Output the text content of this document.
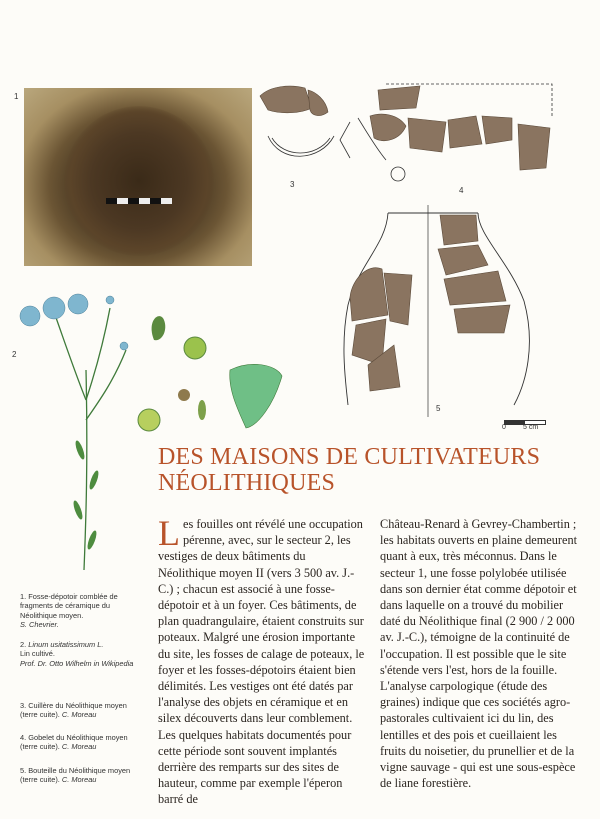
1
3
4
5
0 5 cm
2
DES MAISONS DE CULTIVATEURS
NÉOLITHIQUES
Les fouilles ont révélé une occupation pérenne, avec, sur le secteur 2, les vestiges de deux bâtiments du Néolithique moyen II (vers 3 500 av. J.-C.) ; chacun est associé à une fosse-dépotoir et à un foyer. Ces bâtiments, de plan quadrangulaire, étaient construits sur poteaux. Malgré une érosion importante du site, les fosses de calage de poteaux, le foyer et les fosses-dépotoirs étaient bien délimités. Les vestiges ont été datés par l'analyse des objets en céramique et en silex découverts dans leur comblement. Les quelques habitats documentés pour cette période sont souvent implantés derrière des remparts sur des sites de hauteur, comme par exemple l'éperon barré de
Château-Renard à Gevrey-Chambertin ; les habitats ouverts en plaine demeurent quant à eux, très méconnus. Dans le secteur 1, une fosse polylobée utilisée dans son dernier état comme dépotoir et dans laquelle on a trouvé du mobilier daté du Néolithique final (2 900 / 2 000 av. J.-C.), témoigne de la continuité de l'occupation. Il est possible que le site s'étende vers l'est, hors de la fouille. L'analyse carpologique (étude des graines) indique que ces sociétés agro-pastorales cultivaient ici du lin, des lentilles et des pois et cueillaient les fruits du noisetier, du prunellier et de la vigne sauvage - qui est une sous-espèce de liane forestière.
1. Fosse-dépotoir comblée de fragments de céramique du Néolithique moyen.
S. Chevrier.
2. Linum usitatissimum L.
Lin cultivé.
Prof. Dr. Otto Wilhelm in Wikipedia
3. Cuillère du Néolithique moyen (terre cuite). C. Moreau
4. Gobelet du Néolithique moyen (terre cuite). C. Moreau
5. Bouteille du Néolithique moyen (terre cuite). C. Moreau
